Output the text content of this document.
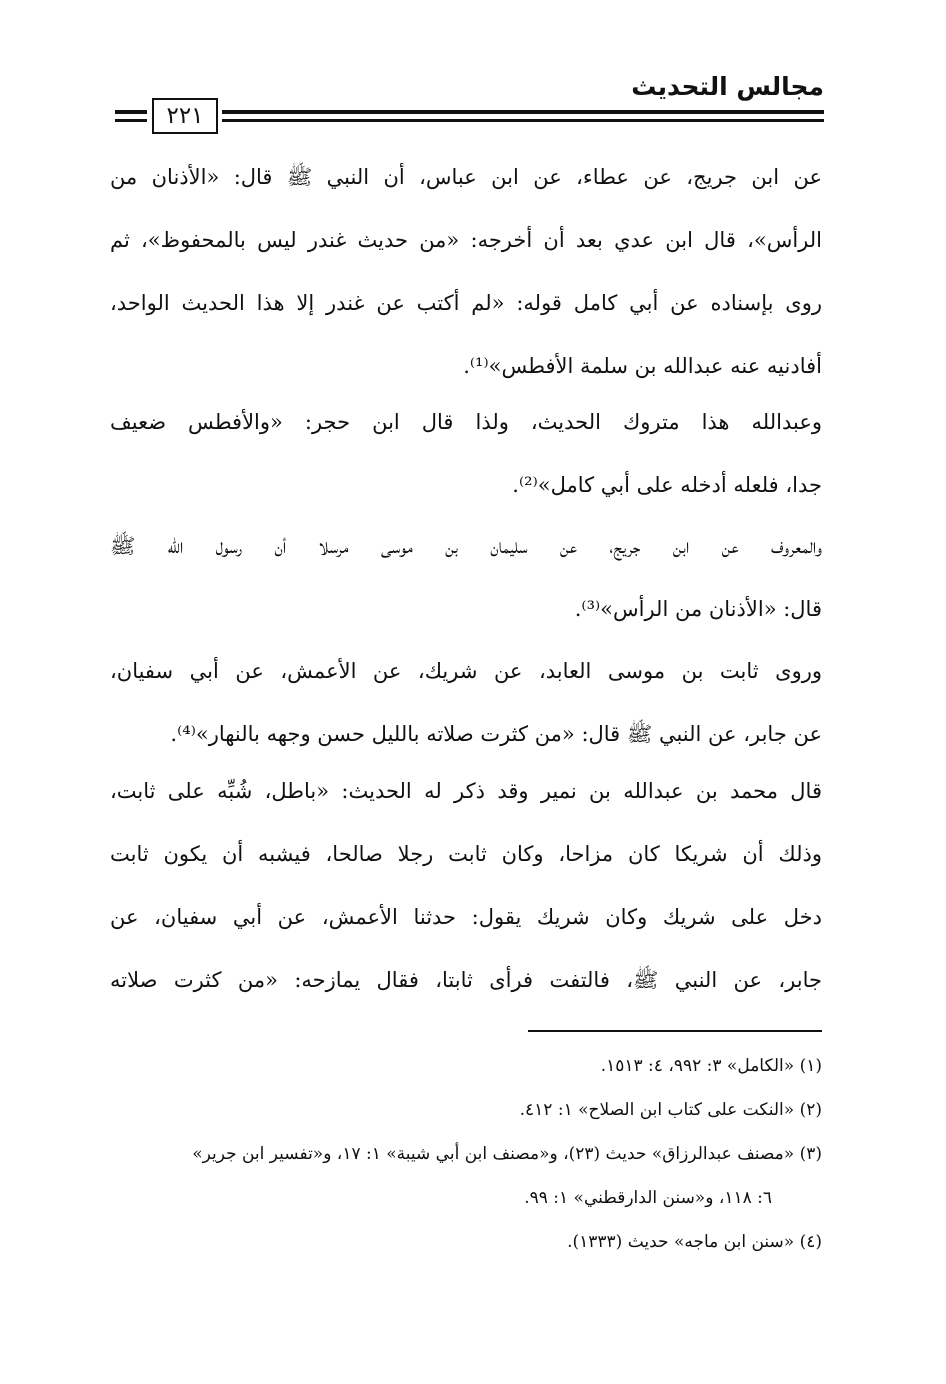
مجالس التحديث
٢٢١
عن ابن جريج، عن عطاء، عن ابن عباس، أن النبي ﷺ قال: «الأذنان من
الرأس»، قال ابن عدي بعد أن أخرجه: «من حديث غندر ليس بالمحفوظ»، ثم
روى بإسناده عن أبي كامل قوله: «لم أكتب عن غندر إلا هذا الحديث الواحد،
أفادنيه عنه عبدالله بن سلمة الأفطس»⁽¹⁾.
وعبدالله هذا متروك الحديث، ولذا قال ابن حجر: «والأفطس ضعيف
جدا، فلعله أدخله على أبي كامل»⁽²⁾.
والمعروف عن ابن جريج، عن سليمان بن موسى مرسلا أن رسول الله ﷺ
قال: «الأذنان من الرأس»⁽³⁾.
وروى ثابت بن موسى العابد، عن شريك، عن الأعمش، عن أبي سفيان،
عن جابر، عن النبي ﷺ قال: «من كثرت صلاته بالليل حسن وجهه بالنهار»⁽⁴⁾.
قال محمد بن عبدالله بن نمير وقد ذكر له الحديث: «باطل، شُبِّه على ثابت،
وذلك أن شريكا كان مزاحا، وكان ثابت رجلا صالحا، فيشبه أن يكون ثابت
دخل على شريك وكان شريك يقول: حدثنا الأعمش، عن أبي سفيان، عن
جابر، عن النبي ﷺ، فالتفت فرأى ثابتا، فقال يمازحه: «من كثرت صلاته
(١) «الكامل» ٣: ٩٩٢، ٤: ١٥١٣.
(٢) «النكت على كتاب ابن الصلاح» ١: ٤١٢.
(٣) «مصنف عبدالرزاق» حديث (٢٣)، و«مصنف ابن أبي شيبة» ١: ١٧، و«تفسير ابن جرير»
٦: ١١٨، و«سنن الدارقطني» ١: ٩٩.
(٤) «سنن ابن ماجه» حديث (١٣٣٣).
